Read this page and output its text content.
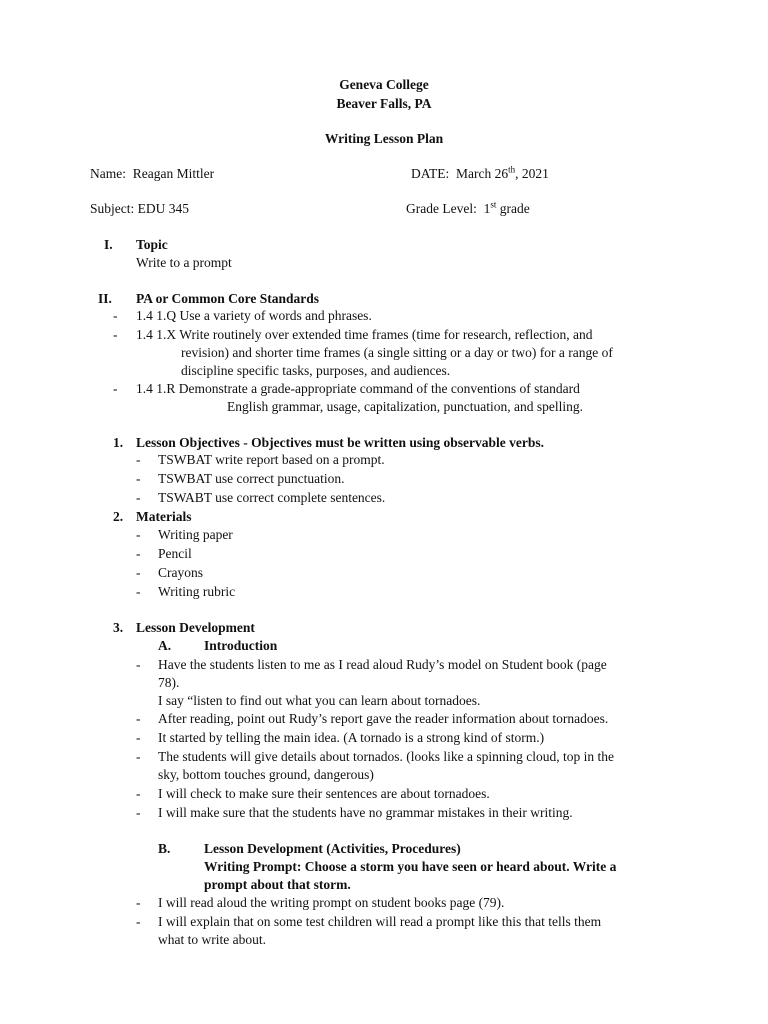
Geneva College
Beaver Falls, PA
Writing Lesson Plan
Name: Reagan Mittler	DATE: March 26th, 2021
Subject: EDU 345	Grade Level: 1st grade
I. Topic
Write to a prompt
II. PA or Common Core Standards
- 1.4 1.Q Use a variety of words and phrases.
- 1.4 1.X Write routinely over extended time frames (time for research, reflection, and
revision) and shorter time frames (a single sitting or a day or two) for a range of
discipline specific tasks, purposes, and audiences.
- 1.4 1.R Demonstrate a grade-appropriate command of the conventions of standard
English grammar, usage, capitalization, punctuation, and spelling.
1. Lesson Objectives - Objectives must be written using observable verbs.
- TSWBAT write report based on a prompt.
- TSWBAT use correct punctuation.
- TSWABT use correct complete sentences.
2. Materials
- Writing paper
- Pencil
- Crayons
- Writing rubric
3. Lesson Development
A. Introduction
- Have the students listen to me as I read aloud Rudy’s model on Student book (page
78).
I say “listen to find out what you can learn about tornadoes.
- After reading, point out Rudy’s report gave the reader information about tornadoes.
- It started by telling the main idea. (A tornado is a strong kind of storm.)
- The students will give details about tornados. (looks like a spinning cloud, top in the
sky, bottom touches ground, dangerous)
- I will check to make sure their sentences are about tornadoes.
- I will make sure that the students have no grammar mistakes in their writing.
B. Lesson Development (Activities, Procedures)
Writing Prompt: Choose a storm you have seen or heard about. Write a
prompt about that storm.
- I will read aloud the writing prompt on student books page (79).
- I will explain that on some test children will read a prompt like this that tells them
what to write about.
